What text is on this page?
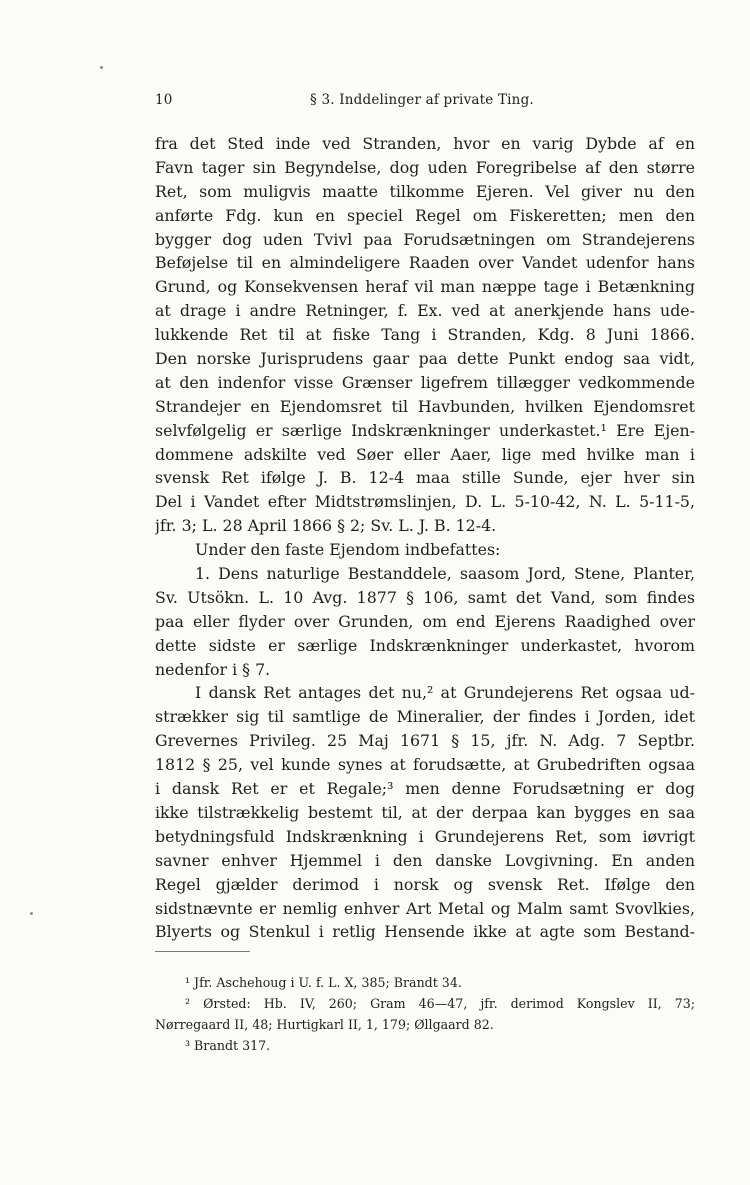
10	§ 3. Inddelinger af private Ting.
fra det Sted inde ved Stranden, hvor en varig Dybde af en
Favn tager sin Begyndelse, dog uden Foregribelse af den større
Ret, som muligvis maatte tilkomme Ejeren. Vel giver nu den
anførte Fdg. kun en speciel Regel om Fiskeretten; men den
bygger dog uden Tvivl paa Forudsætningen om Strandejerens
Beføjelse til en almindeligere Raaden over Vandet udenfor hans
Grund, og Konsekvensen heraf vil man næppe tage i Betænkning
at drage i andre Retninger, f. Ex. ved at anerkjende hans ude-
lukkende Ret til at fiske Tang i Stranden, Kdg. 8 Juni 1866.
Den norske Jurisprudens gaar paa dette Punkt endog saa vidt,
at den indenfor visse Grænser ligefrem tillægger vedkommende
Strandejer en Ejendomsret til Havbunden, hvilken Ejendomsret
selvfølgelig er særlige Indskrænkninger underkastet.¹ Ere Ejen-
dommene adskilte ved Søer eller Aaer, lige med hvilke man i
svensk Ret ifølge J. B. 12-4 maa stille Sunde, ejer hver sin
Del i Vandet efter Midtstrømslinjen, D. L. 5-10-42, N. L. 5-11-5,
jfr. 3; L. 28 April 1866 § 2; Sv. L. J. B. 12-4.
Under den faste Ejendom indbefattes:
1. Dens naturlige Bestanddele, saasom Jord, Stene, Planter,
Sv. Utsökn. L. 10 Avg. 1877 § 106, samt det Vand, som findes
paa eller flyder over Grunden, om end Ejerens Raadighed over
dette sidste er særlige Indskrænkninger underkastet, hvorom
nedenfor i § 7.
I dansk Ret antages det nu,² at Grundejerens Ret ogsaa ud-
strækker sig til samtlige de Mineralier, der findes i Jorden, idet
Grevernes Privileg. 25 Maj 1671 § 15, jfr. N. Adg. 7 Septbr.
1812 § 25, vel kunde synes at forudsætte, at Grubedriften ogsaa
i dansk Ret er et Regale;³ men denne Forudsætning er dog
ikke tilstrækkelig bestemt til, at der derpaa kan bygges en saa
betydningsfuld Indskrænkning i Grundejerens Ret, som iøvrigt
savner enhver Hjemmel i den danske Lovgivning. En anden
Regel gjælder derimod i norsk og svensk Ret. Ifølge den
sidstnævnte er nemlig enhver Art Metal og Malm samt Svovlkies,
Blyerts og Stenkul i retlig Hensende ikke at agte som Bestand-
¹ Jfr. Aschehoug i U. f. L. X, 385; Brandt 34.
² Ørsted: Hb. IV, 260; Gram 46—47, jfr. derimod Kongslev II, 73;
Nørregaard II, 48; Hurtigkarl II, 1, 179; Øllgaard 82.
³ Brandt 317.
